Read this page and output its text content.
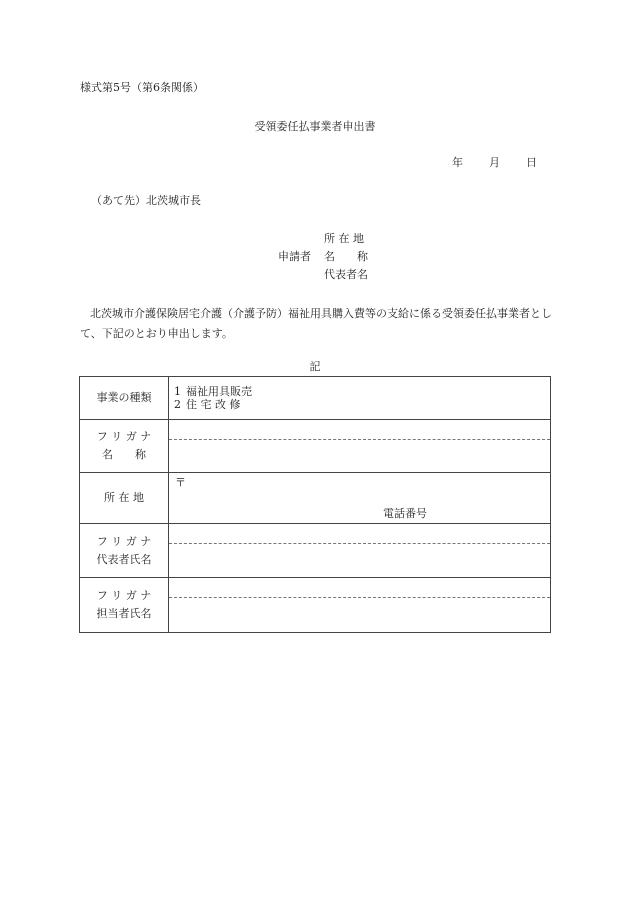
様式第5号（第6条関係）
受領委任払事業者申出書
年 月 日
（あて先）北茨城市長
所 在 地
申請者	名　　称
代表者名
北茨城市介護保険居宅介護（介護予防）福祉用具購入費等の支給に係る受領委任払事業者として、下記のとおり申出します。
記
事業の種類	1 福祉用具販売
2 住 宅 改 修

フ リ ガ ナ
名　　称	

所 在 地	〒
電話番号

フ リ ガ ナ
代表者氏名	

フ リ ガ ナ
担当者氏名	
